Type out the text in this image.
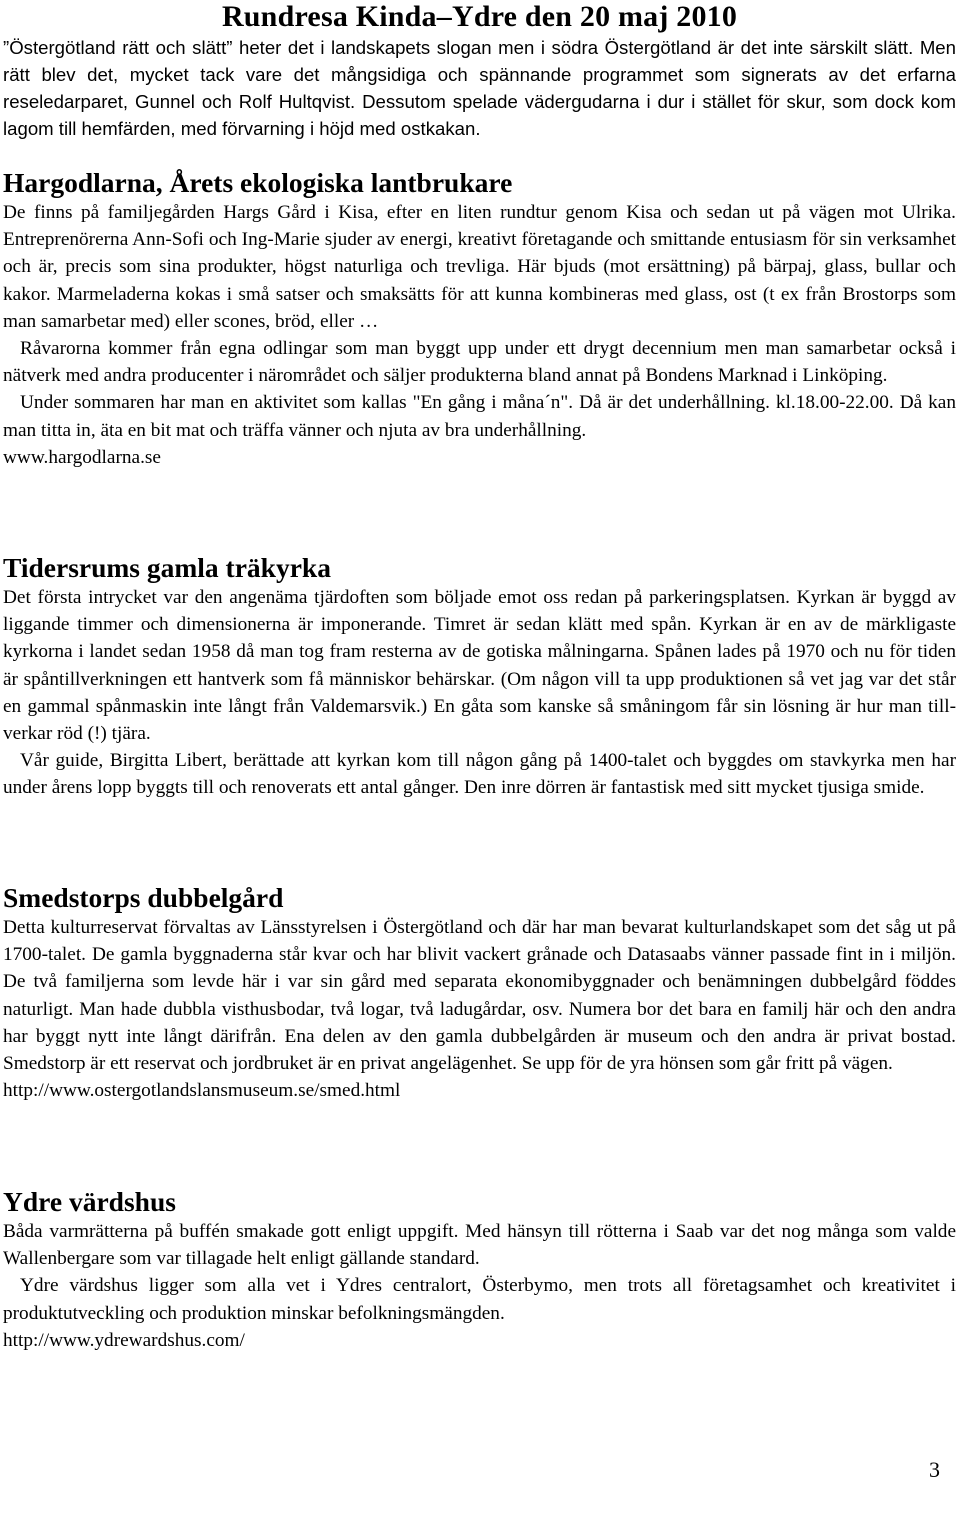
Rundresa Kinda–Ydre den 20 maj 2010

”Östergötland rätt och slätt” heter det i landskapets slogan men i södra Östergötland är det inte särskilt slätt. Men rätt blev det, mycket tack vare det mångsidiga och spännande programmet som signerats av det erfarna reseledarparet, Gunnel och Rolf Hultqvist. Dessutom spelade vädergudarna i dur i stället för skur, som dock kom lagom till hemfärden, med förvarning i höjd med ostkakan.

Hargodlarna, Årets ekologiska lantbrukare

De finns på familjegården Hargs Gård i Kisa, efter en liten rundtur genom Kisa och sedan ut på vägen mot Ulrika. Entreprenörerna Ann-Sofi och Ing-Marie sjuder av energi, kreativt företagande och smittande entusiasm för sin verksamhet och är, precis som sina produkter, högst naturliga och trevliga. Här bjuds (mot ersättning) på bärpaj, glass, bullar och kakor. Marmeladerna kokas i små satser och smaksätts för att kunna kombineras med glass, ost (t ex från Brostorps som man samarbetar med) eller scones, bröd, eller …

Råvarorna kommer från egna odlingar som man byggt upp under ett drygt decennium men man samarbetar också i nätverk med andra producenter i närområdet och säljer produkterna bland annat på Bondens Marknad i Linköping.

Under sommaren har man en aktivitet som kallas "En gång i måna´n". Då är det underhållning. kl.18.00-22.00. Då kan man titta in, äta en bit mat och träffa vänner och njuta av bra underhållning.

www.hargodlarna.se

Tidersrums gamla träkyrka

Det första intrycket var den angenäma tjärdoften som böljade emot oss redan på parkeringsplatsen. Kyrkan är byggd av liggande timmer och dimensionerna är imponerande. Timret är sedan klätt med spån. Kyrkan är en av de märkligaste kyrkorna i landet sedan 1958 då man tog fram resterna av de gotiska målningarna. Spånen lades på 1970 och nu för tiden är spåntillverkningen ett hantverk som få människor behärskar. (Om någon vill ta upp produktionen så vet jag var det står en gammal spånmaskin inte långt från Valdemarsvik.) En gåta som kanske så småningom får sin lösning är hur man tillverkar röd (!) tjära.

Vår guide, Birgitta Libert, berättade att kyrkan kom till någon gång på 1400-talet och byggdes om stavkyrka men har under årens lopp byggts till och renoverats ett antal gånger. Den inre dörren är fantastisk med sitt mycket tjusiga smide.

Smedstorps dubbelgård

Detta kulturreservat förvaltas av Länsstyrelsen i Östergötland och där har man bevarat kulturlandskapet som det såg ut på 1700-talet. De gamla byggnaderna står kvar och har blivit vackert grånade och Datasaabs vänner passade fint in i miljön. De två familjerna som levde här i var sin gård med separata ekonomibyggnader och benämningen dubbelgård föddes naturligt. Man hade dubbla visthusbodar, två logar, två ladugårdar, osv. Numera bor det bara en familj här och den andra har byggt nytt inte långt därifrån. Ena delen av den gamla dubbelgården är museum och den andra är privat bostad. Smedstorp är ett reservat och jordbruket är en privat angelägenhet. Se upp för de yra hönsen som går fritt på vägen.

http://www.ostergotlandslansmuseum.se/smed.html

Ydre värdshus

Båda varmrätterna på buffén smakade gott enligt uppgift. Med hänsyn till rötterna i Saab var det nog många som valde Wallenbergare som var tillagade helt enligt gällande standard.

Ydre värdshus ligger som alla vet i Ydres centralort, Österbymo, men trots all företagsamhet och kreativitet i produktutveckling och produktion minskar befolkningsmängden.

http://www.ydrewardshus.com/

3
